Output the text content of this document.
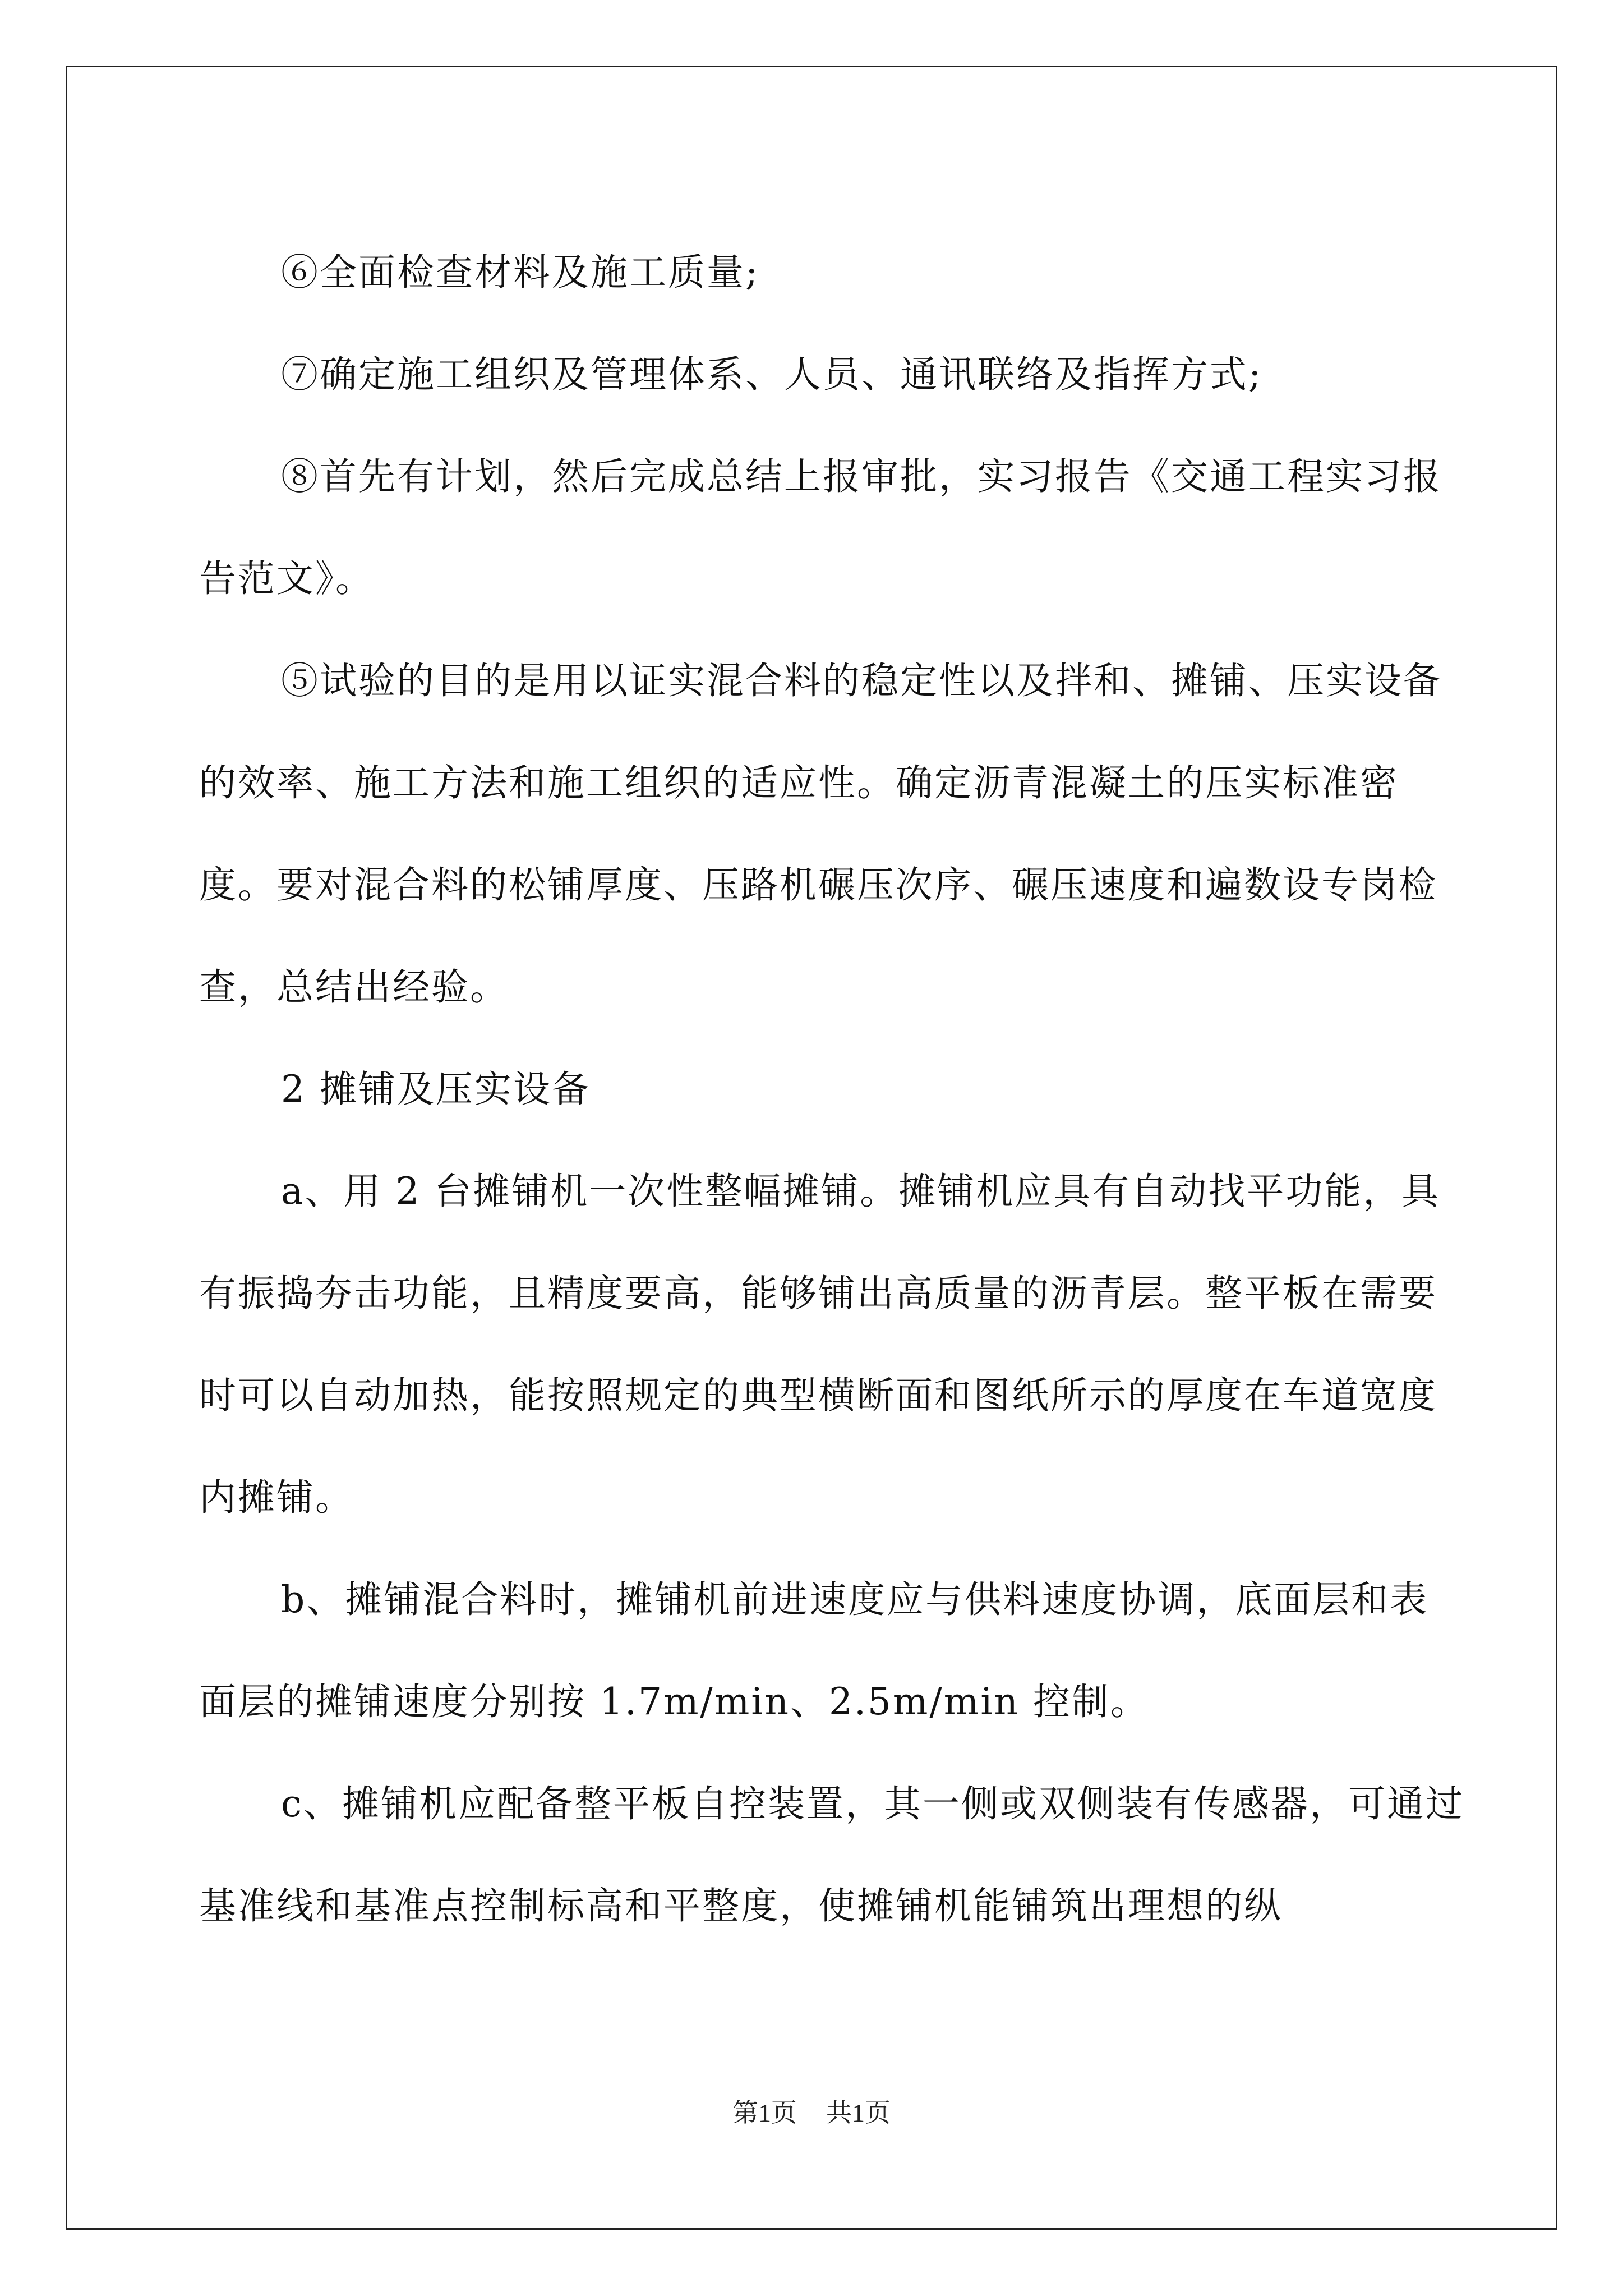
⑥全面检查材料及施工质量;

⑦确定施工组织及管理体系、人员、通讯联络及指挥方式;

⑧首先有计划，然后完成总结上报审批，实习报告《交通工程实习报告范文》。

⑤试验的目的是用以证实混合料的稳定性以及拌和、摊铺、压实设备的效率、施工方法和施工组织的适应性。确定沥青混凝土的压实标准密度。要对混合料的松铺厚度、压路机碾压次序、碾压速度和遍数设专岗检查，总结出经验。

2 摊铺及压实设备

a、用 2 台摊铺机一次性整幅摊铺。摊铺机应具有自动找平功能，具有振捣夯击功能，且精度要高，能够铺出高质量的沥青层。整平板在需要时可以自动加热，能按照规定的典型横断面和图纸所示的厚度在车道宽度内摊铺。

b、摊铺混合料时，摊铺机前进速度应与供料速度协调，底面层和表面层的摊铺速度分别按 1.7m/min、2.5m/min 控制。

c、摊铺机应配备整平板自控装置，其一侧或双侧装有传感器，可通过基准线和基准点控制标高和平整度，使摊铺机能铺筑出理想的纵

第1页 共1页
